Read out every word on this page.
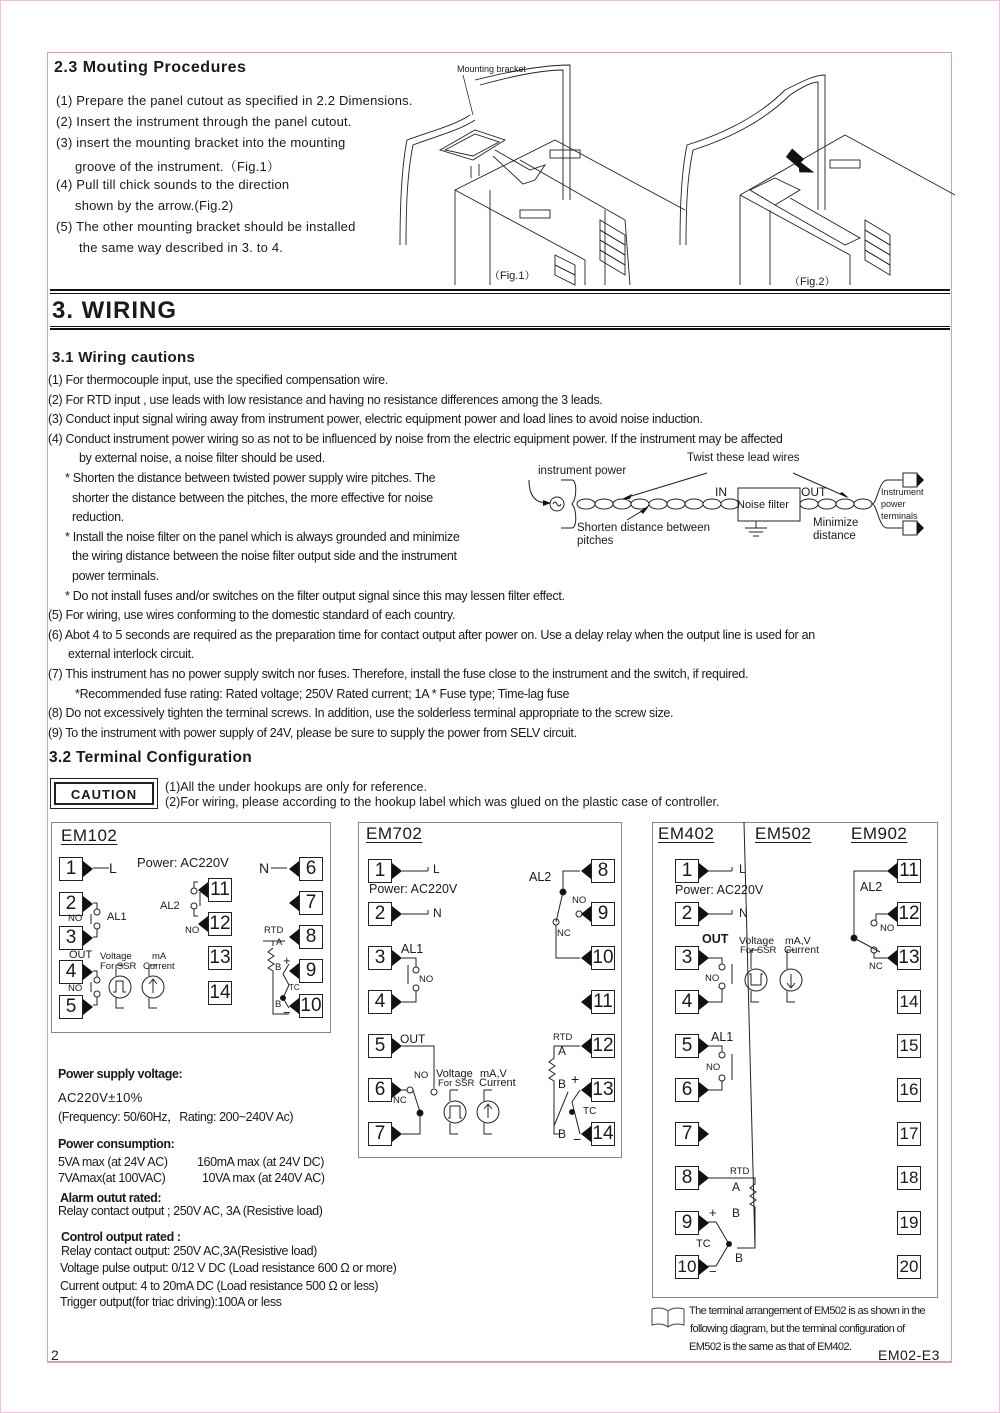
2.3 Mouting Procedures
(1) Prepare the panel cutout as specified in 2.2 Dimensions.
(2) Insert the instrument through the panel cutout.
(3) insert the mounting bracket into the mounting
groove of the instrument.（Fig.1）
(4) Pull till chick sounds to the direction
shown by the arrow.(Fig.2)
(5) The other mounting bracket should be installed
the same way described in 3. to 4.
Mounting bracket
（Fig.1）	（Fig.2）
3. WIRING
3.1 Wiring cautions
(1) For thermocouple input, use the specified compensation wire.
(2) For RTD input , use leads with low resistance and having no resistance differences among the 3 leads.
(3) Conduct input signal wiring away from instrument power, electric equipment power and load lines to avoid noise induction.
(4) Conduct instrument power wiring so as not to be influenced by noise from the electric equipment power. If the instrument may be affected
by external noise, a noise filter should be used.
* Shorten the distance between twisted power supply wire pitches. The
shorter the distance between the pitches, the more effective for noise
reduction.
* Install the noise filter on the panel which is always grounded and minimize
the wiring distance between the noise filter output side and the instrument
power terminals.
* Do not install fuses and/or switches on the filter output signal since this may lessen filter effect.
(5) For wiring, use wires conforming to the domestic standard of each country.
(6) Abot 4 to 5 seconds are required as the preparation time for contact output after power on. Use a delay relay when the output line is used for an
external interlock circuit.
(7) This instrument has no power supply switch nor fuses. Therefore, install the fuse close to the instrument and the switch, if required.
*Recommended fuse rating: Rated voltage; 250V Rated current; 1A * Fuse type; Time-lag fuse
(8) Do not excessively tighten the terminal screws. In addition, use the solderless terminal appropriate to the screw size.
(9) To the instrument with power supply of 24V, please be sure to supply the power from SELV circuit.
instrument power
Twist these lead wires
IN	OUT
Noise filter
Shorten distance between
pitches
Minimize
distance
Instrument
power
terminals
3.2 Terminal Configuration
CAUTION	(1)All the under hookups are only for reference.
(2)For wiring, please according to the hookup label which was glued on the plastic case of controller.
EM102
1
2
3
4
5
6
7
8
9
10
11
12
13
14
L Power: AC220V N
NO AL1
AL2
NO
OUT
NO
Voltage
For SSR
mA
Current
RTD
A
B +
TC
B
−
EM702
1
2
3
4
5
6
7
8
9
10
11
12
13
14
L
Power: AC220V
N
AL1
NO
AL2
NO
NC
OUT
NO
NC
Voltage
For SSR
mA,V
Current
RTD
A
B +
TC
B −
EM402 EM502 EM902
1
2
3
4
5
6
7
8
9
10
11
12
13
14
15
16
17
18
19
20
L
Power: AC220V
N
OUT
NO
Voltage
For SSR
mA,V
Current
AL2
NO
NC
AL1
NO
RTD
A
B
+
TC
B
−
Power supply voltage:
AC220V±10%
(Frequency: 50/60Hz，Rating: 200~240V Ac)
Power consumption:
5VA max (at 24V AC) 160mA max (at 24V DC)
7VAmax(at 100VAC)	10VA max (at 240V AC)
Alarm outut rated:
Relay contact output ; 250V AC, 3A (Resistive load)
Control output rated :
Relay contact output: 250V AC,3A(Resistive load)
Voltage pulse output: 0/12 V DC (Load resistance 600 Ω or more)
Current output: 4 to 20mA DC (Load resistance 500 Ω or less)
Trigger output(for triac driving):100A or less
The terminal arrangement of EM502 is as shown in the
following diagram, but the terminal configuration of
EM502 is the same as that of EM402.
2	EM02-E3
